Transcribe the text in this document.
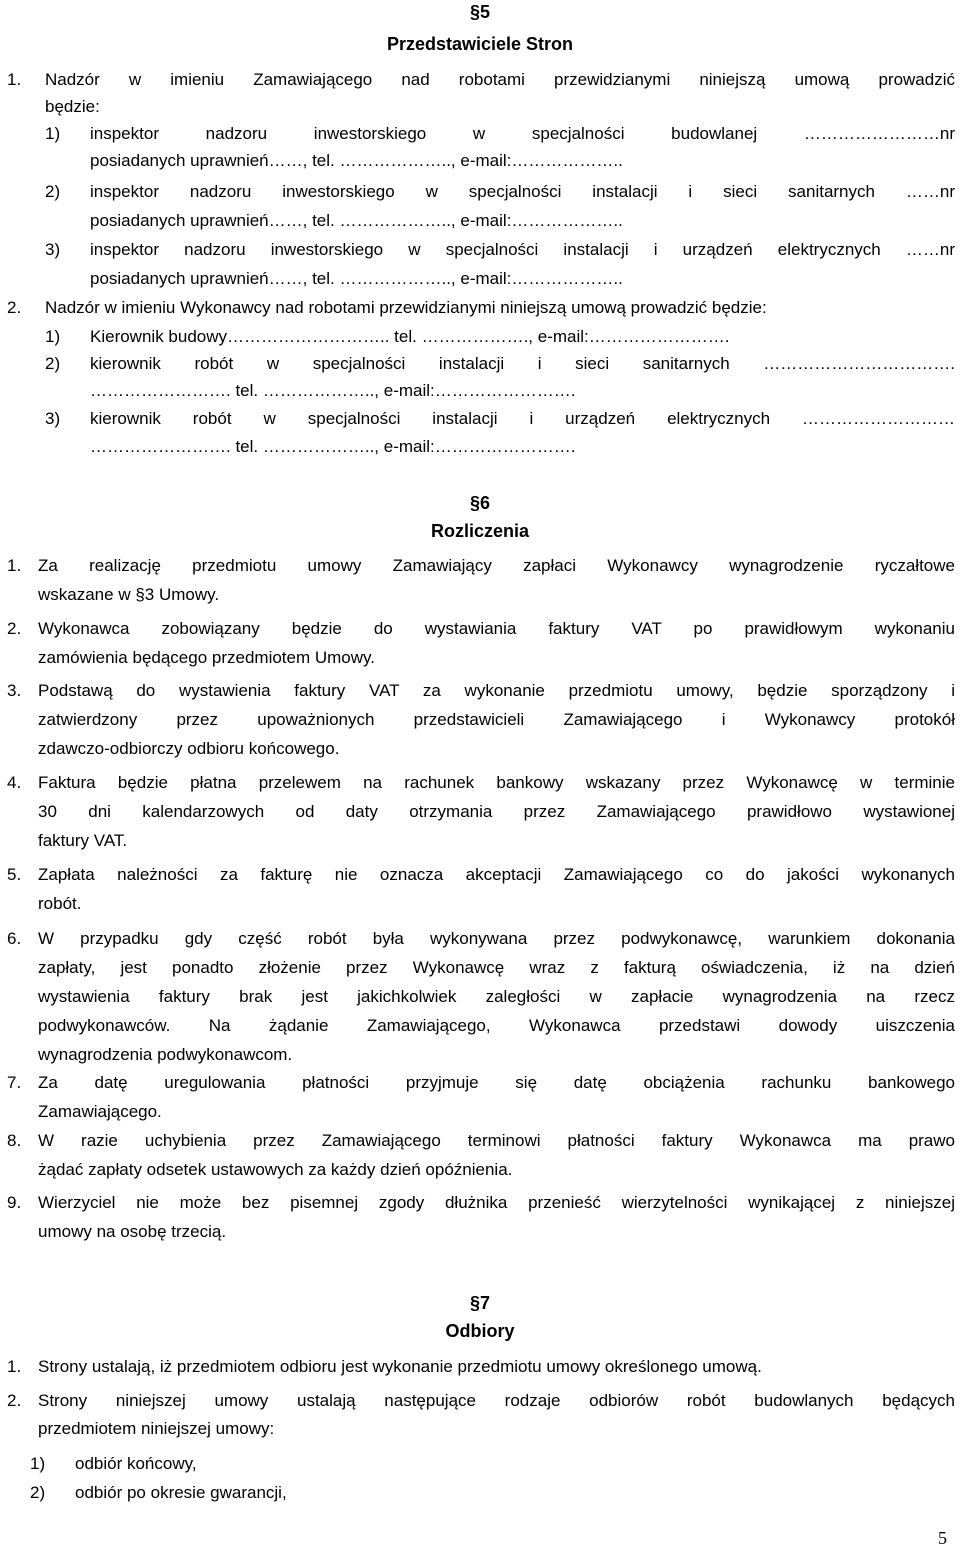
§5
Przedstawiciele Stron
1. Nadzór w imieniu Zamawiającego nad robotami przewidzianymi niniejszą umową prowadzić
będzie:
1) inspektor nadzoru inwestorskiego w specjalności budowlanej ……………………nr
posiadanych uprawnień……, tel. ……………….., e-mail:………………..
2) inspektor nadzoru inwestorskiego w specjalności instalacji i sieci sanitarnych ……nr
posiadanych uprawnień……, tel. ……………….., e-mail:………………..
3) inspektor nadzoru inwestorskiego w specjalności instalacji i urządzeń elektrycznych ……nr
posiadanych uprawnień……, tel. ……………….., e-mail:………………..
2. Nadzór w imieniu Wykonawcy nad robotami przewidzianymi niniejszą umową prowadzić będzie:
1) Kierownik budowy……………………….. tel. ………………., e-mail:…………………….
2) kierownik robót w specjalności instalacji i sieci sanitarnych …………………………….
……………………. tel. ……………….., e-mail:…………………….
3) kierownik robót w specjalności instalacji i urządzeń elektrycznych ………………………
……………………. tel. ……………….., e-mail:…………………….
§6
Rozliczenia
1. Za realizację przedmiotu umowy Zamawiający zapłaci Wykonawcy wynagrodzenie ryczałtowe
wskazane w §3 Umowy.
2. Wykonawca zobowiązany będzie do wystawiania faktury VAT po prawidłowym wykonaniu
zamówienia będącego przedmiotem Umowy.
3. Podstawą do wystawienia faktury VAT za wykonanie przedmiotu umowy, będzie sporządzony i
zatwierdzony przez upoważnionych przedstawicieli Zamawiającego i Wykonawcy protokół
zdawczo-odbiorczy odbioru końcowego.
4. Faktura będzie płatna przelewem na rachunek bankowy wskazany przez Wykonawcę w terminie
30 dni kalendarzowych od daty otrzymania przez Zamawiającego prawidłowo wystawionej
faktury VAT.
5. Zapłata należności za fakturę nie oznacza akceptacji Zamawiającego co do jakości wykonanych
robót.
6. W przypadku gdy część robót była wykonywana przez podwykonawcę, warunkiem dokonania
zapłaty, jest ponadto złożenie przez Wykonawcę wraz z fakturą oświadczenia, iż na dzień
wystawienia faktury brak jest jakichkolwiek zaległości w zapłacie wynagrodzenia na rzecz
podwykonawców. Na żądanie Zamawiającego, Wykonawca przedstawi dowody uiszczenia
wynagrodzenia podwykonawcom.
7. Za datę uregulowania płatności przyjmuje się datę obciążenia rachunku bankowego
Zamawiającego.
8. W razie uchybienia przez Zamawiającego terminowi płatności faktury Wykonawca ma prawo
żądać zapłaty odsetek ustawowych za każdy dzień opóźnienia.
9. Wierzyciel nie może bez pisemnej zgody dłużnika przenieść wierzytelności wynikającej z niniejszej
umowy na osobę trzecią.
§7
Odbiory
1. Strony ustalają, iż przedmiotem odbioru jest wykonanie przedmiotu umowy określonego umową.
2. Strony niniejszej umowy ustalają następujące rodzaje odbiorów robót budowlanych będących
przedmiotem niniejszej umowy:
1) odbiór końcowy,
2) odbiór po okresie gwarancji,
5
